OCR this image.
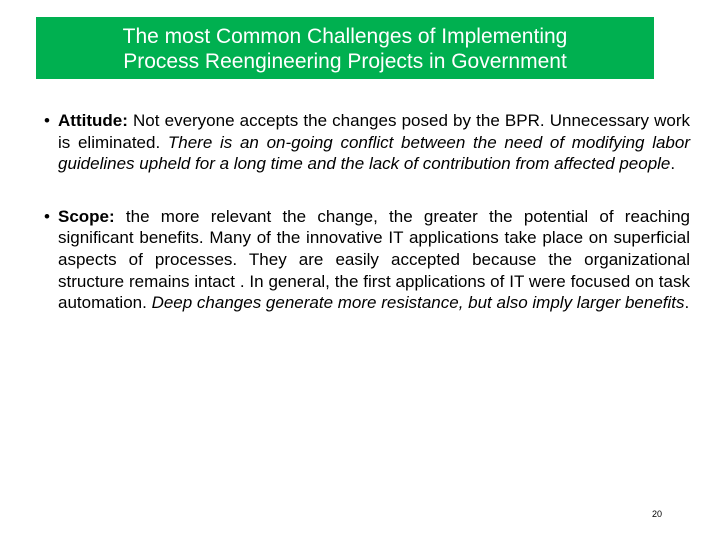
The most Common Challenges of Implementing
Process Reengineering Projects in Government
• Attitude: Not everyone accepts the changes posed by the BPR. Unnecessary work is eliminated. There is an on-going conflict between the need of modifying labor guidelines upheld for a long time and the lack of contribution from affected people.
• Scope: the more relevant the change, the greater the potential of reaching significant benefits. Many of the innovative IT applications take place on superficial aspects of processes. They are easily accepted because the organizational structure remains intact . In general, the first applications of IT were focused on task automation. Deep changes generate more resistance, but also imply larger benefits.
20
